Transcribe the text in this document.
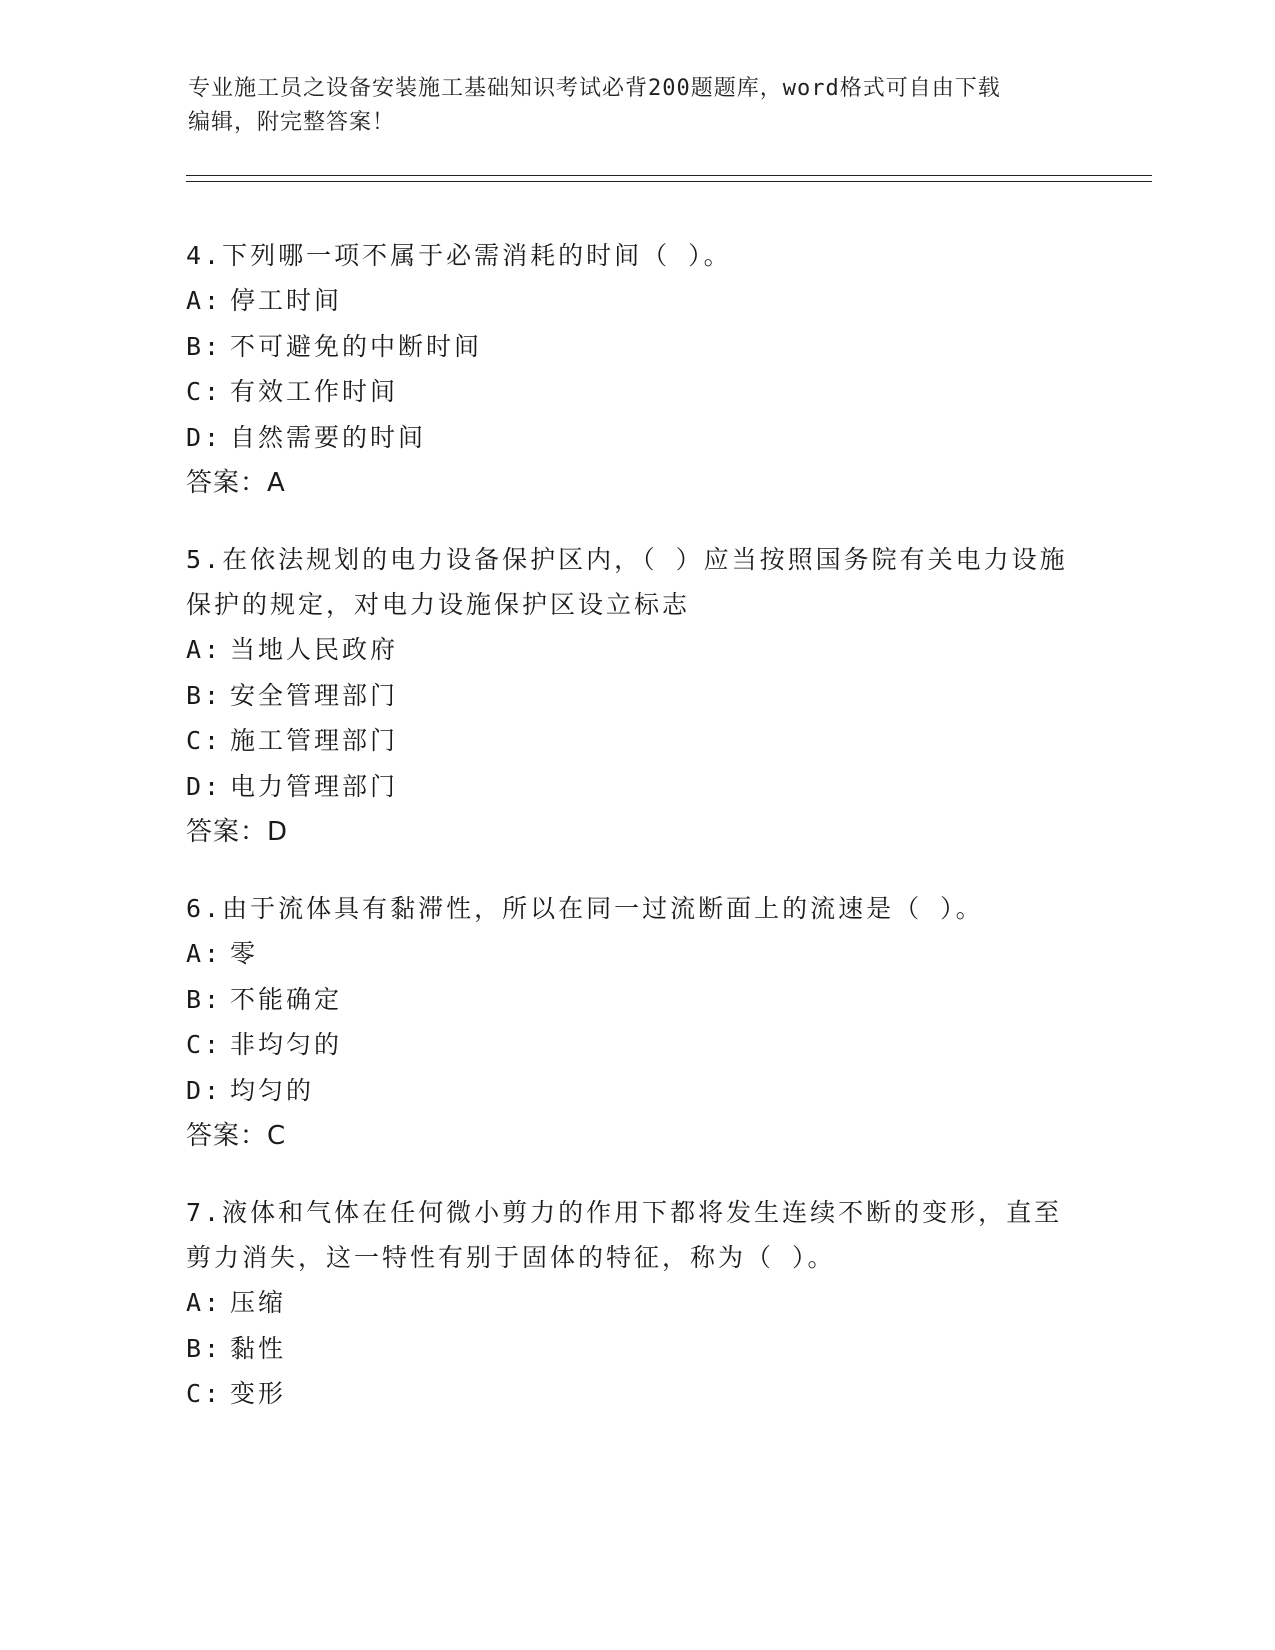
专业施工员之设备安装施工基础知识考试必背200题题库，word格式可自由下载
编辑，附完整答案！

4.下列哪一项不属于必需消耗的时间（ ）。

A: 停工时间

B: 不可避免的中断时间

C: 有效工作时间

D: 自然需要的时间

答案：A

5.在依法规划的电力设备保护区内，（ ）应当按照国务院有关电力设施保护的规定，对电力设施保护区设立标志

A: 当地人民政府

B: 安全管理部门

C: 施工管理部门

D: 电力管理部门

答案：D

6.由于流体具有黏滞性，所以在同一过流断面上的流速是（ ）。

A: 零

B: 不能确定

C: 非均匀的

D: 均匀的

答案：C

7.液体和气体在任何微小剪力的作用下都将发生连续不断的变形，直至剪力消失，这一特性有别于固体的特征，称为（ ）。

A: 压缩

B: 黏性

C: 变形
